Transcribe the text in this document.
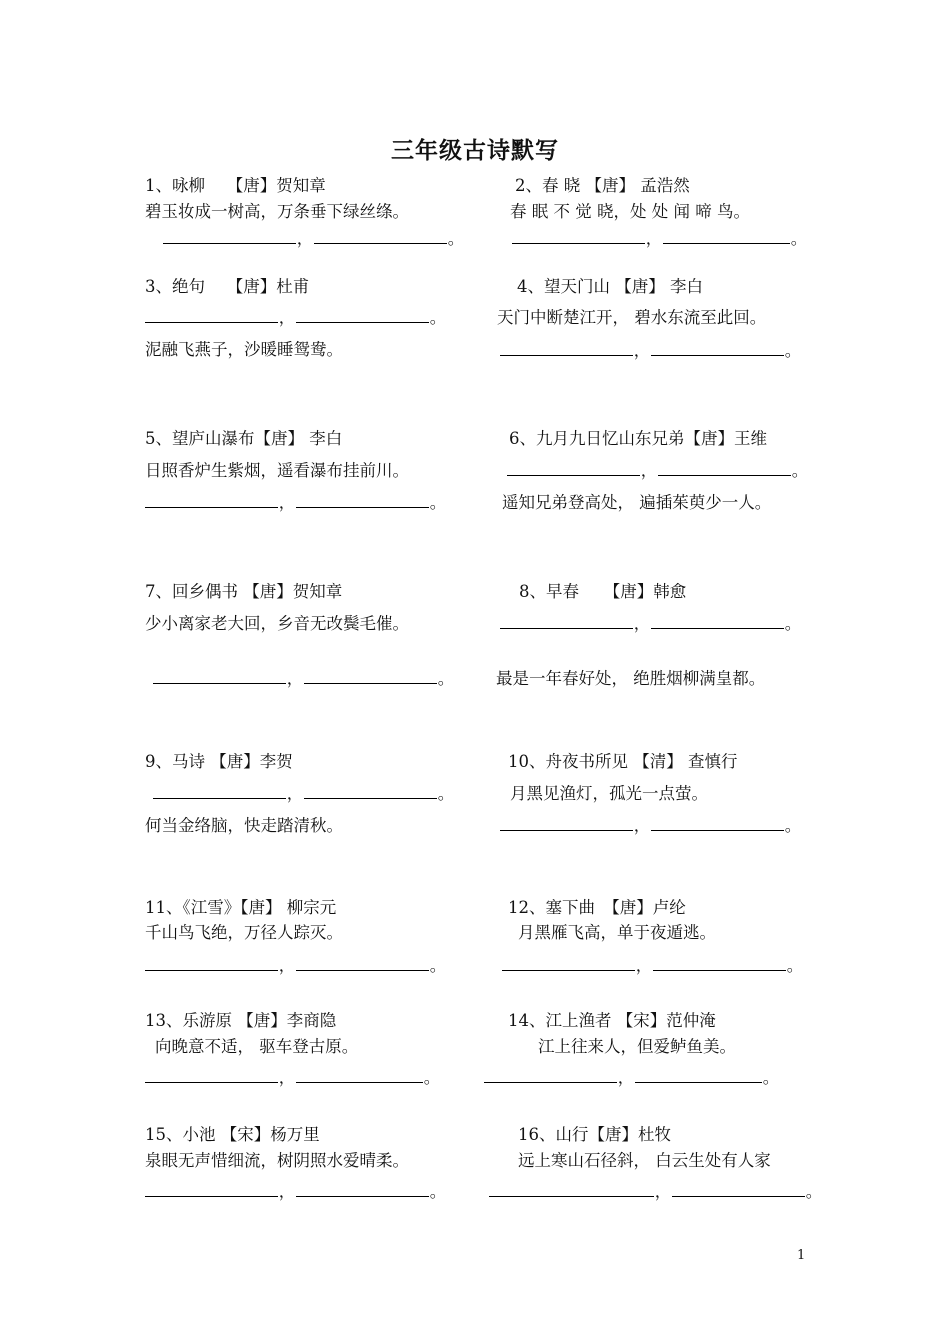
三年级古诗默写
1、咏柳　 【唐】贺知章
碧玉妆成一树高，万条垂下绿丝绦。
，	。
2、春 晓 【唐】 孟浩然
春 眠 不 觉 晓，处 处 闻 啼 鸟。
，	。
3、绝句　 【唐】杜甫
，	。
泥融飞燕子，沙暖睡鸳鸯。
4、望天门山 【唐】 李白
天门中断楚江开， 碧水东流至此回。
，	。
5、望庐山瀑布【唐】 李白
日照香炉生紫烟，遥看瀑布挂前川。
，	。
6、九月九日忆山东兄弟【唐】王维
，	。
遥知兄弟登高处， 遍插茱萸少一人。
7、回乡偶书 【唐】贺知章
少小离家老大回，乡音无改鬓毛催。
，	。
8、早春　　【唐】韩愈
，	。
最是一年春好处， 绝胜烟柳满皇都。
9、马诗 【唐】李贺
，	。
何当金络脑，快走踏清秋。
10、舟夜书所见 【清】 查慎行
月黑见渔灯，孤光一点萤。
，	。
11、《江雪》【唐】 柳宗元
千山鸟飞绝，万径人踪灭。
，	。
12、塞下曲　【唐】卢纶
月黑雁飞高，单于夜遁逃。
，	。
13、乐游原 【唐】李商隐
向晚意不适， 驱车登古原。
，	。
14、江上渔者 【宋】范仲淹
江上往来人，但爱鲈鱼美。
，	。
15、小池 【宋】杨万里
泉眼无声惜细流，树阴照水爱晴柔。
，	。
16、山行【唐】杜牧
远上寒山石径斜， 白云生处有人家
，	。
1
